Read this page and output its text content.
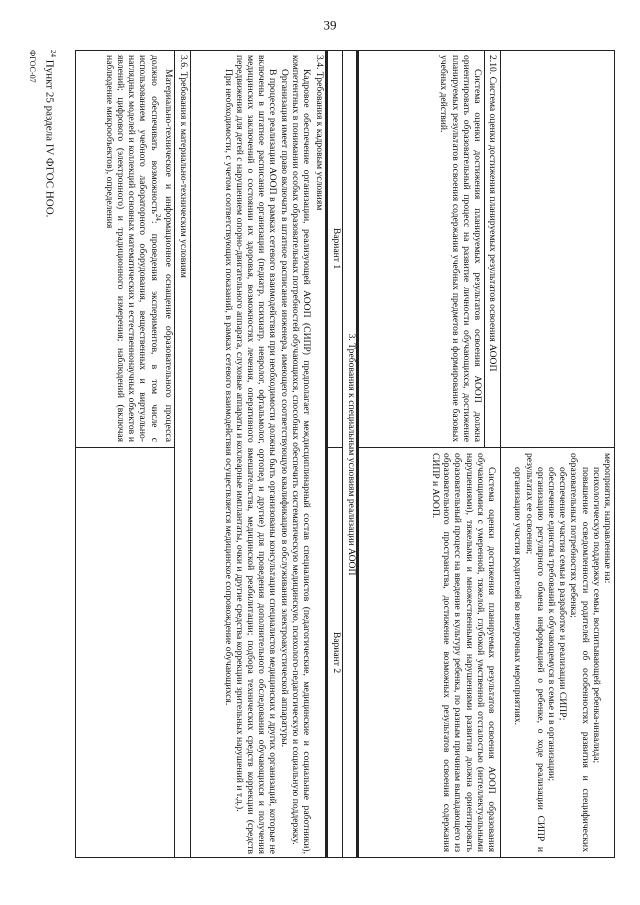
39

мероприятия, направленные на:

психологическую поддержку семьи, воспитывающей ребенка-инвалида;

повышение осведомленности родителей об особенностях развития и специфических образовательных потребностях ребенка;

обеспечение участия семьи в разработке и реализации СИПР;

обеспечение единства требований к обучающемуся в семье и в организации;

организацию регулярного обмена информацией о ребенке, о ходе реализации СИПР и результатах ее освоения;

организацию участия родителей во внеурочных мероприятиях.

2.10. Система оценки достижения планируемых результатов освоения АООП

Система оценки достижения планируемых результатов освоения АООП должна ориентировать образовательный процесс на развитие личности обучающихся, достижение планируемых результатов освоения содержания учебных предметов и формирование базовых учебных действий.

Система оценки достижения планируемых результатов освоения АООП образования обучающимися с умеренной, тяжелой, глубокой умственной отсталостью (интеллектуальными нарушениями), тяжелыми и множественными нарушениями развития должна ориентировать образовательный процесс на введение в культуру ребенка, по разным причинам выпадающего из образовательного пространства, достижение возможных результатов освоения содержания СИПР и АООП.

3. Требования к специальным условиям реализации АООП
Вариант 1
Вариант 2

3.4. Требования к кадровым условиям

Кадровое обеспечение организации, реализующей АООП (СИПР) предполагает междисциплинарный состав специалистов (педагогические, медицинские и социальные работники), компетентных в понимании особых образовательных потребностей обучающихся, способных обеспечить систематическую медицинскую, психолого-педагогическую и социальную поддержку.

Организация имеет право включать в штатное расписание инженера, имеющего соответствующую квалификацию в обслуживании электроакустической аппаратуры.

В процессе реализации АООП в рамках сетевого взаимодействия при необходимости должны быть организованы консультации специалистов медицинских и других организаций, которые не включены в штатное расписание организации (педиатр, психиатр, невролог, офтальмолог, ортопед и другие) для проведения дополнительного обследования обучающихся и получения медицинских заключений о состоянии их здоровья, возможностях лечения, оперативного вмешательства, медицинской реабилитации; подбора технических средств коррекции (средств передвижения для детей с нарушением опорно-двигательного аппарата, слуховые аппараты и кохлеарные имплантаты, очки и другие средства коррекции зрительных нарушений и т.д.).

При необходимости, с учетом соответствующих показаний, в рамках сетевого взаимодействия осуществляется медицинское сопровождение обучающихся.

3.6. Требования к материально-техническим условиям

Материально-техническое и информационное оснащение образовательного процесса должно обеспечивать возможность$^{24}$: проведения экспериментов, в том числе с использованием учебного лабораторного оборудования, вещественных и виртуально-наглядных моделей и коллекций основных математических и естественнонаучных объектов и явлений; цифрового (электронного) и традиционного измерения; наблюдений (включая наблюдение микрообъектов), определения

$^{24}$ Пункт 25 раздела IV ФГОС НОО.
ФГОС-07
